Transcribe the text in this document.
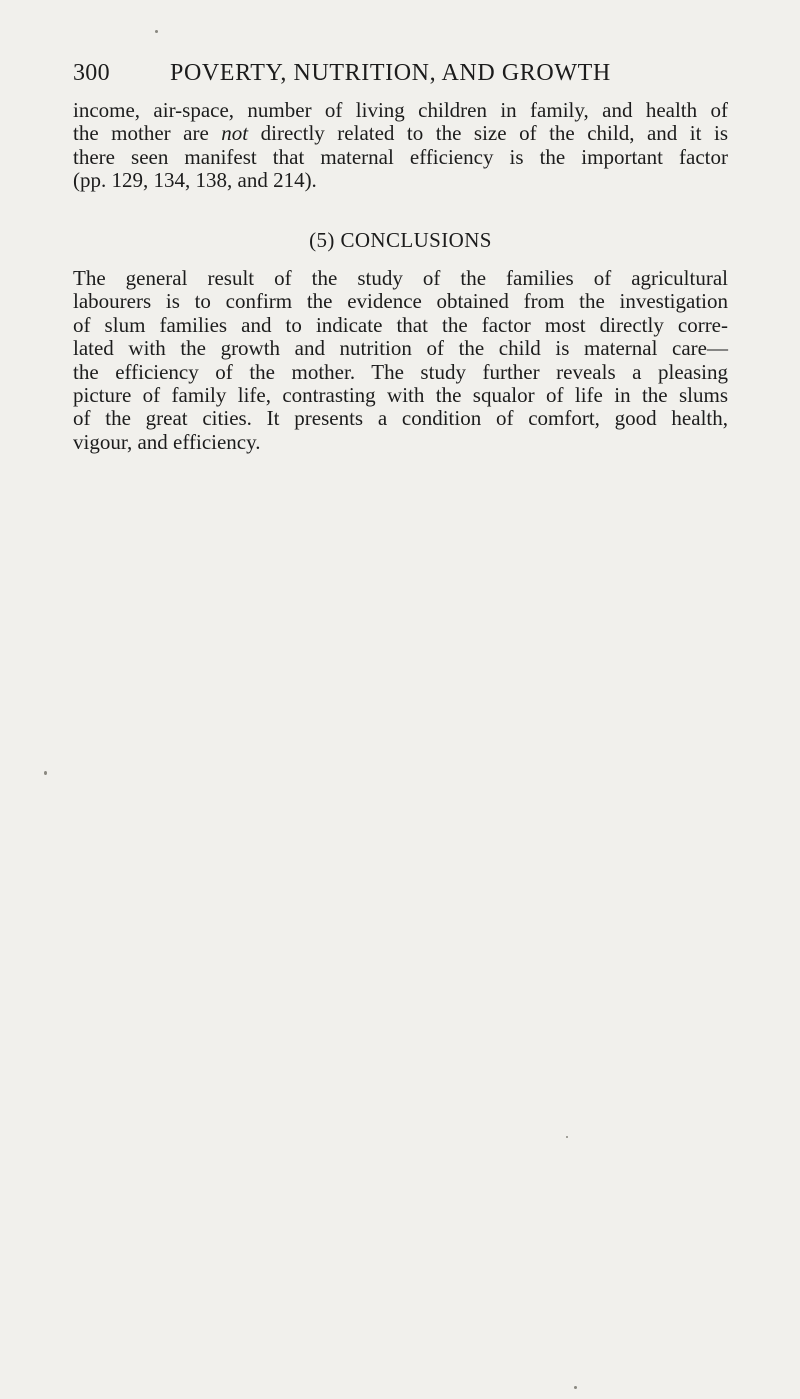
300	POVERTY, NUTRITION, AND GROWTH
income, air-space, number of living children in family, and health of
the mother are not directly related to the size of the child, and it is
there seen manifest that maternal efficiency is the important factor
(pp. 129, 134, 138, and 214).
(5) CONCLUSIONS
The general result of the study of the families of agricultural
labourers is to confirm the evidence obtained from the investigation
of slum families and to indicate that the factor most directly corre-
lated with the growth and nutrition of the child is maternal care—
the efficiency of the mother. The study further reveals a pleasing
picture of family life, contrasting with the squalor of life in the slums
of the great cities. It presents a condition of comfort, good health,
vigour, and efficiency.
